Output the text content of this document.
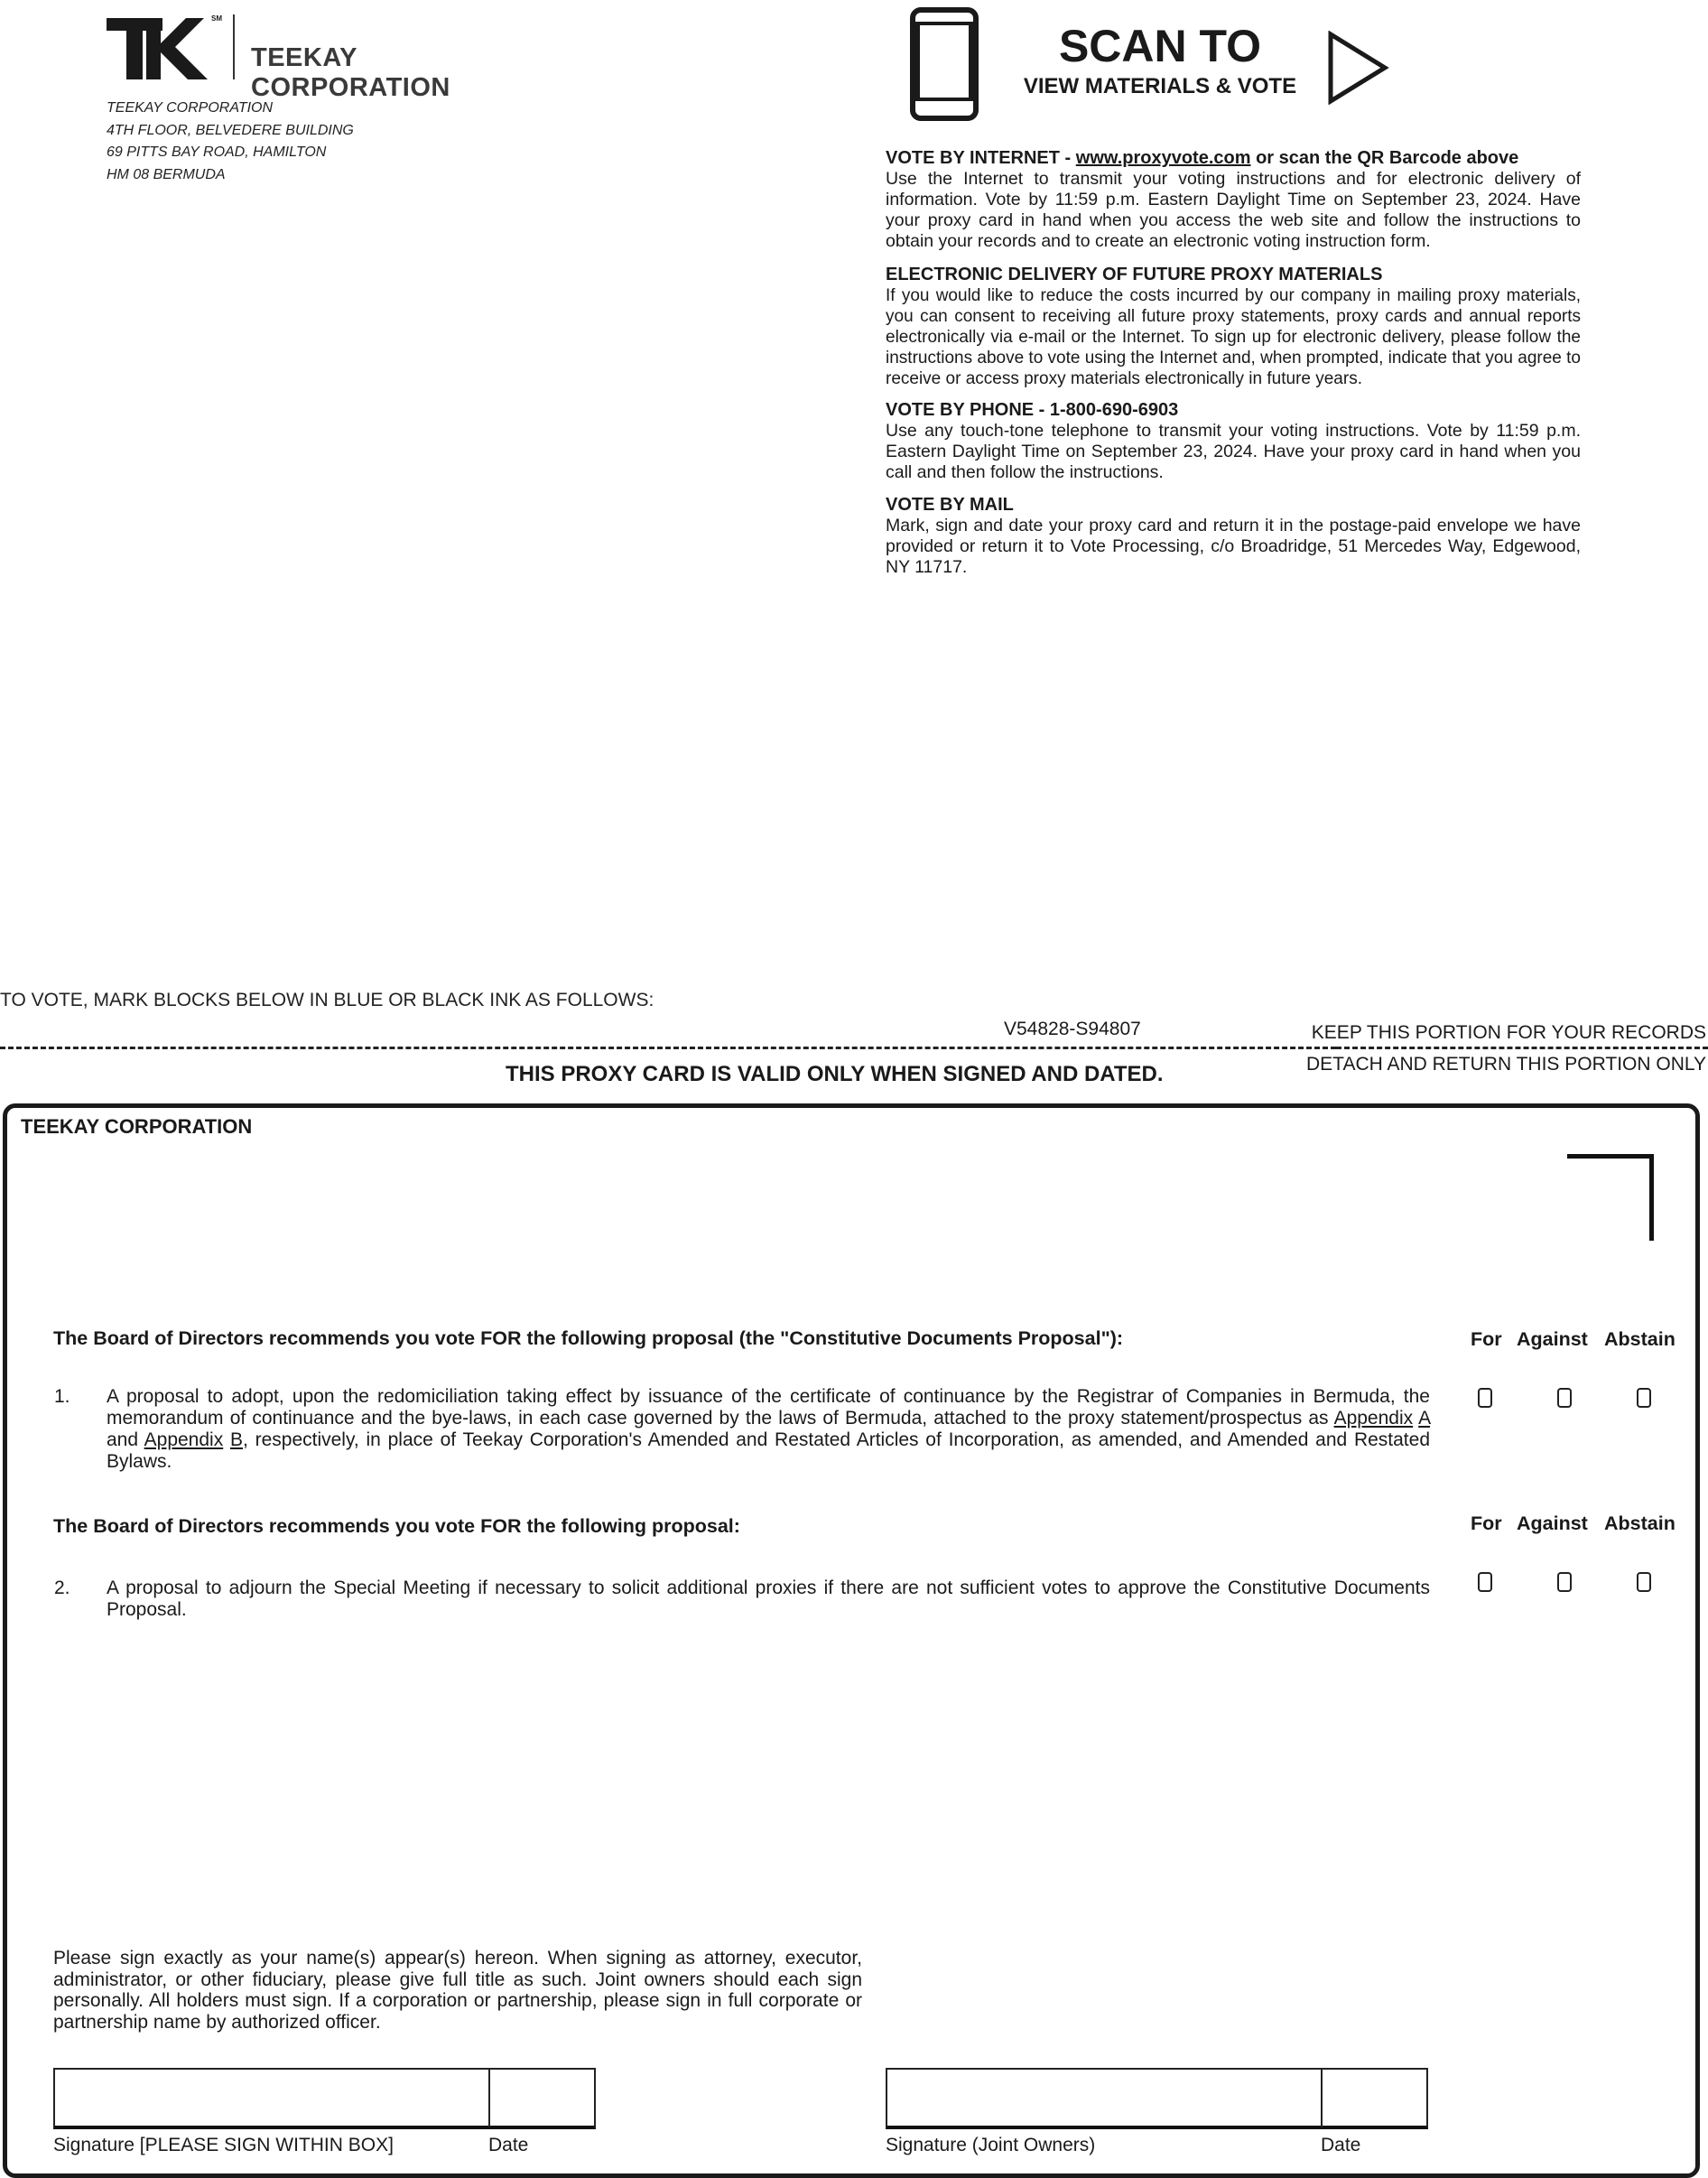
SM
TEEKAY CORPORATION
TEEKAY CORPORATION
4TH FLOOR, BELVEDERE BUILDING
69 PITTS BAY ROAD, HAMILTON
HM 08 BERMUDA
SCAN TO
VIEW MATERIALS & VOTE
VOTE BY INTERNET - www.proxyvote.com or scan the QR Barcode above
Use the Internet to transmit your voting instructions and for electronic delivery of information. Vote by 11:59 p.m. Eastern Daylight Time on September 23, 2024. Have your proxy card in hand when you access the web site and follow the instructions to obtain your records and to create an electronic voting instruction form.
ELECTRONIC DELIVERY OF FUTURE PROXY MATERIALS
If you would like to reduce the costs incurred by our company in mailing proxy materials, you can consent to receiving all future proxy statements, proxy cards and annual reports electronically via e-mail or the Internet. To sign up for electronic delivery, please follow the instructions above to vote using the Internet and, when prompted, indicate that you agree to receive or access proxy materials electronically in future years.
VOTE BY PHONE - 1-800-690-6903
Use any touch-tone telephone to transmit your voting instructions. Vote by 11:59 p.m. Eastern Daylight Time on September 23, 2024. Have your proxy card in hand when you call and then follow the instructions.
VOTE BY MAIL
Mark, sign and date your proxy card and return it in the postage-paid envelope we have provided or return it to Vote Processing, c/o Broadridge, 51 Mercedes Way, Edgewood, NY 11717.
TO VOTE, MARK BLOCKS BELOW IN BLUE OR BLACK INK AS FOLLOWS:
V54828-S94807	KEEP THIS PORTION FOR YOUR RECORDS
DETACH AND RETURN THIS PORTION ONLY
THIS PROXY CARD IS VALID ONLY WHEN SIGNED AND DATED.
TEEKAY CORPORATION
The Board of Directors recommends you vote FOR the following proposal (the "Constitutive Documents Proposal"):	For Against Abstain
1. A proposal to adopt, upon the redomiciliation taking effect by issuance of the certificate of continuance by the Registrar of Companies in Bermuda, the memorandum of continuance and the bye-laws, in each case governed by the laws of Bermuda, attached to the proxy statement/prospectus as Appendix A and Appendix B, respectively, in place of Teekay Corporation's Amended and Restated Articles of Incorporation, as amended, and Amended and Restated Bylaws.
The Board of Directors recommends you vote FOR the following proposal:	For Against Abstain
2. A proposal to adjourn the Special Meeting if necessary to solicit additional proxies if there are not sufficient votes to approve the Constitutive Documents Proposal.
Please sign exactly as your name(s) appear(s) hereon. When signing as attorney, executor, administrator, or other fiduciary, please give full title as such. Joint owners should each sign personally. All holders must sign. If a corporation or partnership, please sign in full corporate or partnership name by authorized officer.
Signature [PLEASE SIGN WITHIN BOX]	Date	Signature (Joint Owners)	Date
